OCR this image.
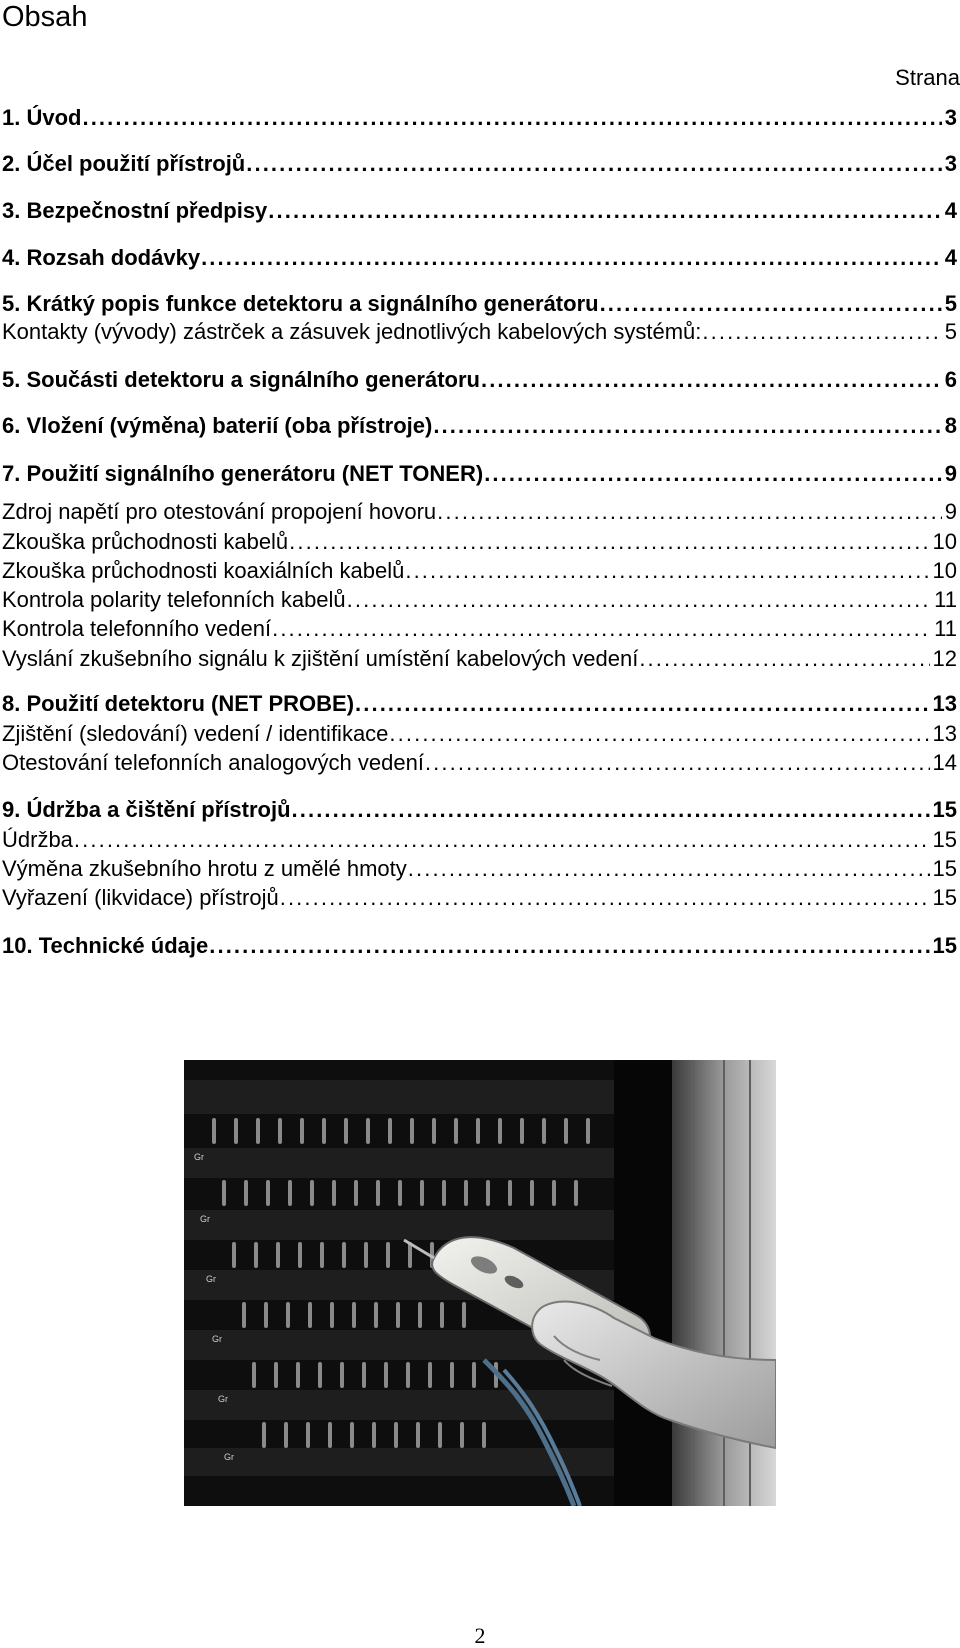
Obsah
Strana
1. Úvod . . .	3
2. Účel použití přístrojů . . .	3
3. Bezpečnostní předpisy . . .	4
4. Rozsah dodávky . . .	4
5. Krátký popis funkce detektoru a signálního generátoru . . .	5
Kontakty (vývody) zástrček a zásuvek jednotlivých kabelových systémů: . . .	5
5. Součásti detektoru a signálního generátoru . . .	6
6. Vložení (výměna) baterií (oba přístroje) . . .	8
7. Použití signálního generátoru (NET TONER) . . .	9
Zdroj napětí pro otestování propojení hovoru . . .	9
Zkouška průchodnosti kabelů . . .	10
Zkouška průchodnosti koaxiálních kabelů . . .	10
Kontrola polarity telefonních kabelů . . .	11
Kontrola telefonního vedení . . .	11
Vyslání zkušebního signálu k zjištění umístění kabelových vedení . . .	12
8. Použití detektoru (NET PROBE) . . .	13
Zjištění (sledování) vedení / identifikace . . .	13
Otestování telefonních analogových vedení . . .	14
9. Údržba a čištění přístrojů . . .	15
Údržba . . .	15
Výměna zkušebního hrotu z umělé hmoty . . .	15
Vyřazení (likvidace) přístrojů . . .	15
10. Technické údaje . . .	15
Gr
Gr
Gr
Gr
Gr
Gr
2
